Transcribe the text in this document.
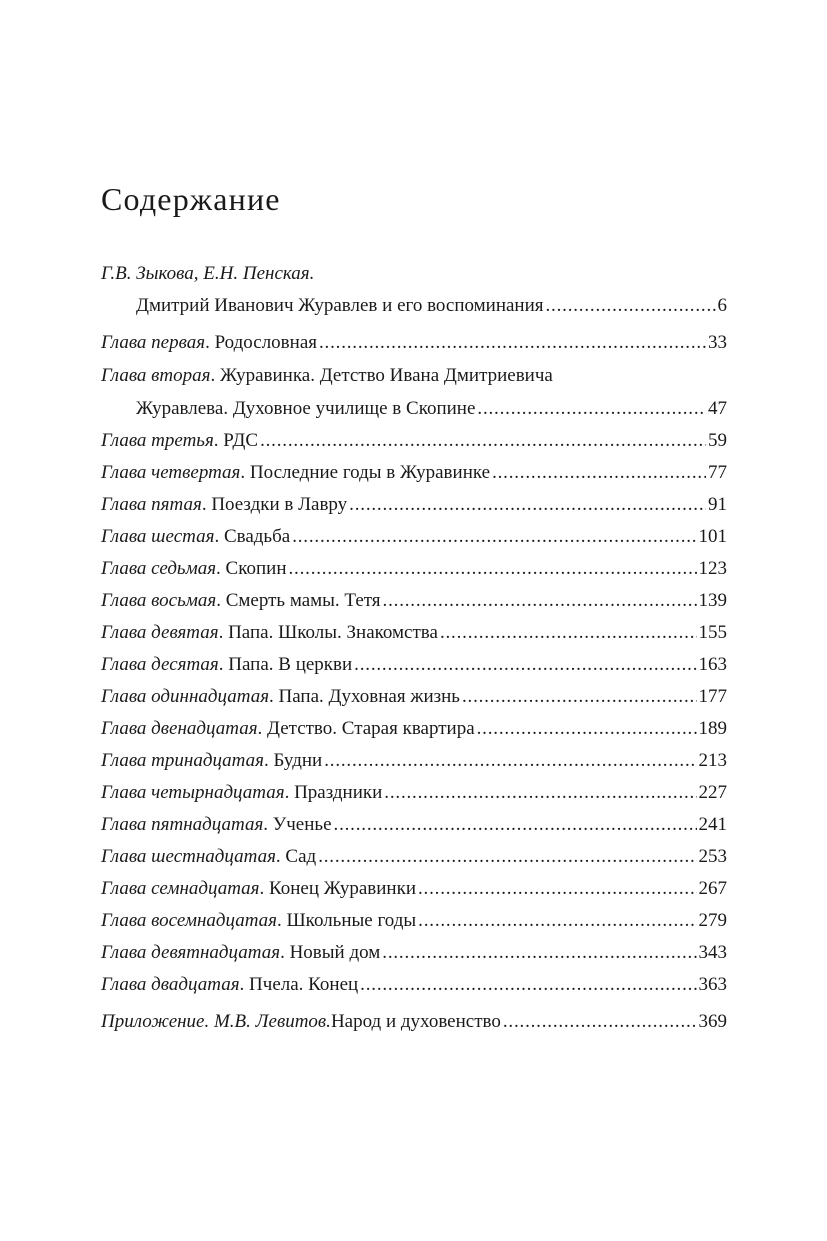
Содержание
Г.В. Зыкова, Е.Н. Пенская.
Дмитрий Иванович Журавлев и его воспоминания .....	6
Глава первая . Родословная .....	33
Глава вторая . Журавинка. Детство Ивана Дмитриевича
Журавлева. Духовное училище в Скопине .....	47
Глава третья . РДС .....	59
Глава четвертая . Последние годы в Журавинке .....	77
Глава пятая . Поездки в Лавру .....	91
Глава шестая . Свадьба .....	101
Глава седьмая . Скопин .....	123
Глава восьмая . Смерть мамы. Тетя .....	139
Глава девятая . Папа. Школы. Знакомства .....	155
Глава десятая . Папа. В церкви .....	163
Глава одиннадцатая . Папа. Духовная жизнь .....	177
Глава двенадцатая . Детство. Старая квартира .....	189
Глава тринадцатая . Будни .....	213
Глава четырнадцатая . Праздники .....	227
Глава пятнадцатая . Ученье .....	241
Глава шестнадцатая . Сад .....	253
Глава семнадцатая . Конец Журавинки .....	267
Глава восемнадцатая . Школьные годы .....	279
Глава девятнадцатая . Новый дом .....	343
Глава двадцатая . Пчела. Конец .....	363
Приложение. М.В. Левитов. Народ и духовенство .....	369
